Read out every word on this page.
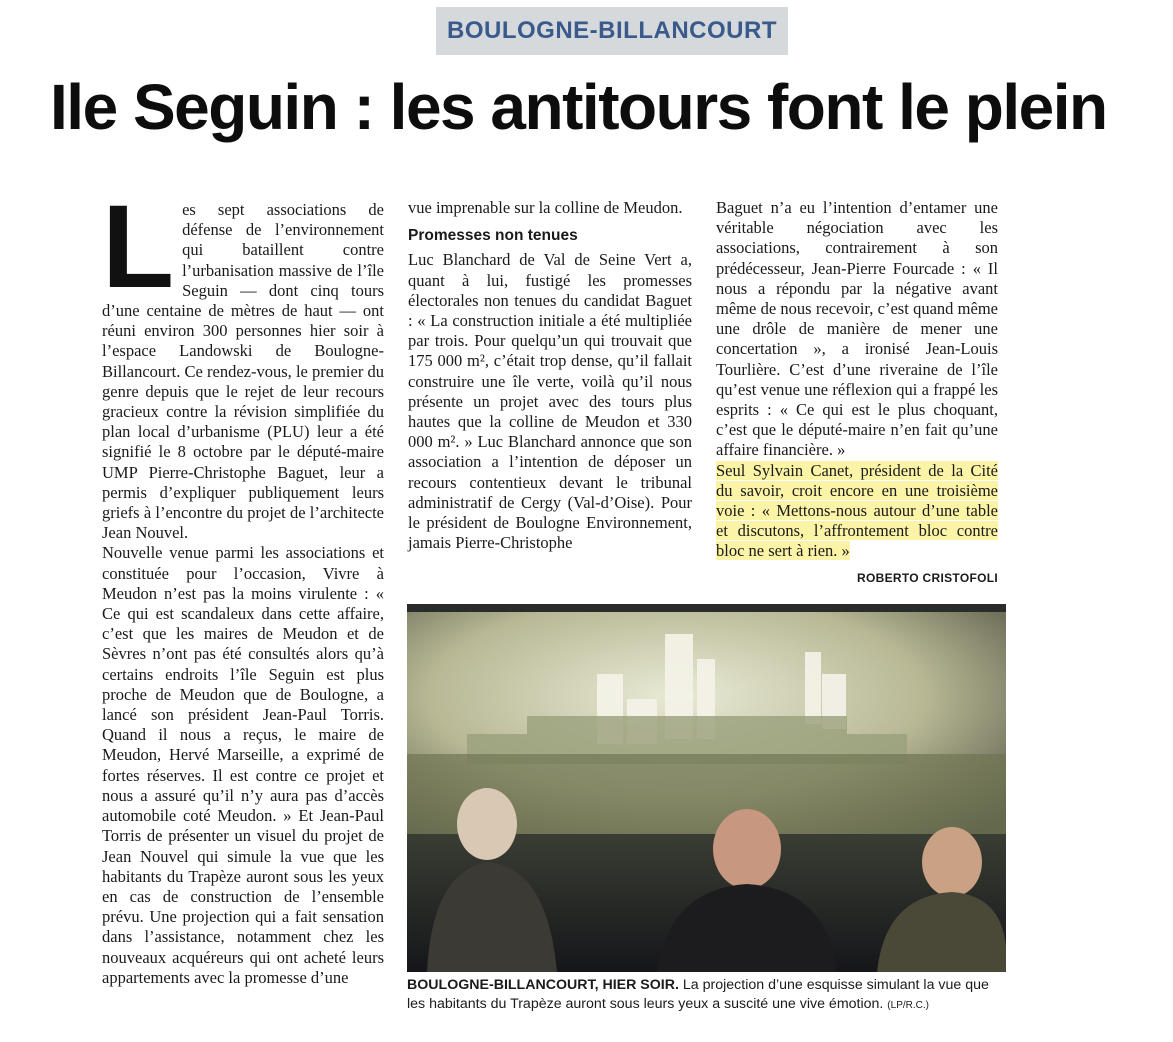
BOULOGNE-BILLANCOURT
Ile Seguin : les antitours font le plein
L es sept associations de défense de l’environnement qui bataillent contre l’urbanisation massive de l’île Seguin — dont cinq tours d’une centaine de mètres de haut — ont réuni environ 300 personnes hier soir à l’espace Landowski de Boulogne-Billancourt. Ce rendez-vous, le premier du genre depuis que le rejet de leur recours gracieux contre la révision simplifiée du plan local d’urbanisme (PLU) leur a été signifié le 8 octobre par le député-maire UMP Pierre-Christophe Baguet, leur a permis d’expliquer publiquement leurs griefs à l’encontre du projet de l’architecte Jean Nouvel.

Nouvelle venue parmi les associations et constituée pour l’occasion, Vivre à Meudon n’est pas la moins virulente : « Ce qui est scandaleux dans cette affaire, c’est que les maires de Meudon et de Sèvres n’ont pas été consultés alors qu’à certains endroits l’île Seguin est plus proche de Meudon que de Boulogne, a lancé son président Jean-Paul Torris. Quand il nous a reçus, le maire de Meudon, Hervé Marseille, a exprimé de fortes réserves. Il est contre ce projet et nous a assuré qu’il n’y aura pas d’accès automobile coté Meudon. » Et Jean-Paul Torris de présenter un visuel du projet de Jean Nouvel qui simule la vue que les habitants du Trapèze auront sous les yeux en cas de construction de l’ensemble prévu. Une projection qui a fait sensation dans l’assistance, notamment chez les nouveaux acquéreurs qui ont acheté leurs appartements avec la promesse d’une

vue imprenable sur la colline de Meudon.

Promesses non tenues

Luc Blanchard de Val de Seine Vert a, quant à lui, fustigé les promesses électorales non tenues du candidat Baguet : « La construction initiale a été multipliée par trois. Pour quelqu’un qui trouvait que 175 000 m², c’était trop dense, qu’il fallait construire une île verte, voilà qu’il nous présente un projet avec des tours plus hautes que la colline de Meudon et 330 000 m². » Luc Blanchard annonce que son association a l’intention de déposer un recours contentieux devant le tribunal administratif de Cergy (Val-d’Oise). Pour le président de Boulogne Environnement, jamais Pierre-Christophe

Baguet n’a eu l’intention d’entamer une véritable négociation avec les associations, contrairement à son prédécesseur, Jean-Pierre Fourcade : « Il nous a répondu par la négative avant même de nous recevoir, c’est quand même une drôle de manière de mener une concertation », a ironisé Jean-Louis Tourlière. C’est d’une riveraine de l’île qu’est venue une réflexion qui a frappé les esprits : « Ce qui est le plus choquant, c’est que le député-maire n’en fait qu’une affaire financière. »

Seul Sylvain Canet, président de la Cité du savoir, croit encore en une troisième voie : « Mettons-nous autour d’une table et discutons, l’affrontement bloc contre bloc ne sert à rien. »

ROBERTO CRISTOFOLI
BOULOGNE-BILLANCOURT, HIER SOIR. La projection d’une esquisse simulant la vue que les habitants du Trapèze auront sous leurs yeux a suscité une vive émotion. (LP/R.C.)
